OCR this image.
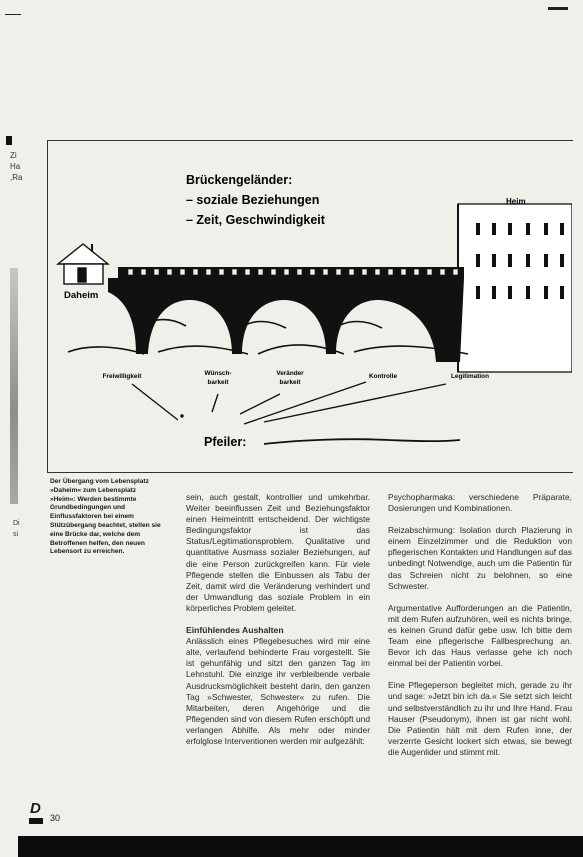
Zi
Ha
,Ra
Di
si
D
30
Daheim
Heim
Brückengeländer:
– soziale Beziehungen
– Zeit, Geschwindigkeit
Freiwilligkeit	Wünsch-barkeit
Veränder barkeit
Kontrolle	Legitimation
Pfeiler:
Der Übergang vom Lebensplatz »Daheim« zum Lebensplatz »Heim«: Werden bestimmte Grundbedingungen und Einflussfaktoren bei einem Stützübergang beachtet, stellen sie eine Brücke dar, welche dem Betroffenen helfen, den neuen Lebensort zu erreichen.

sein, auch gestalt, kontrollier und umkehrbar. Weiter beeinflussen Zeit und Beziehungsfaktor einen Heimeintritt entscheidend. Der wichtigste Bedingungsfaktor ist das Status/Legitimationsproblem. Qualitative und quantitative Ausmass sozialer Beziehungen, auf die eine Person zurückgreifen kann. Für viele Pflegende stellen die Einbussen als Tabu der Zeit, damit wird die Veränderung verhindert und der Umwandlung das soziale Problem in ein körperliches Problem geleitet.

Einfühlendes Aushalten

Anlässlich eines Pflegebesuches wird mir eine alte, verlaufend behinderte Frau vorgestellt. Sie ist gehunfähig und sitzt den ganzen Tag im Lehnstuhl. Die einzige ihr verbleibende verbale Ausdrucksmöglichkeit besteht darin, den ganzen Tag »Schwester, Schwester« zu rufen. Die Mitarbeiten, deren Angehörige und die Pflegenden sind von diesem Rufen erschöpft und verlangen Abhilfe. Als mehr oder minder erfolglose Interventionen werden mir aufgezählt:

Psychopharmaka: verschiedene Präparate, Dosierungen und Kombinationen.

Reizabschirmung: Isolation durch Plazierung in einem Einzelzimmer und die Reduktion von pflegerischen Kontakten und Handlungen auf das unbedingt Notwendige, auch um die Patientin für das Schreien nicht zu belohnen, so eine Schwester.

Argumentative Aufforderungen an die Patientin, mit dem Rufen aufzuhören, weil es nichts bringe, es keinen Grund dafür gebe usw. Ich bitte dem Team eine pflegerische Fallbesprechung an. Bevor ich das Haus verlasse gehe ich noch einmal bei der Patientin vorbei.

Eine Pflegeperson begleitet mich, gerade zu ihr und sage: »Jetzt bin ich da.« Sie setzt sich leicht und selbstverständlich zu ihr und Ihre Hand. Frau Hauser (Pseudonym), ihnen ist gar nicht wohl. Die Patientin hält mit dem Rufen inne, der verzerrte Gesicht lockert sich etwas, sie bewegt die Augenlider und stimmt mit.
